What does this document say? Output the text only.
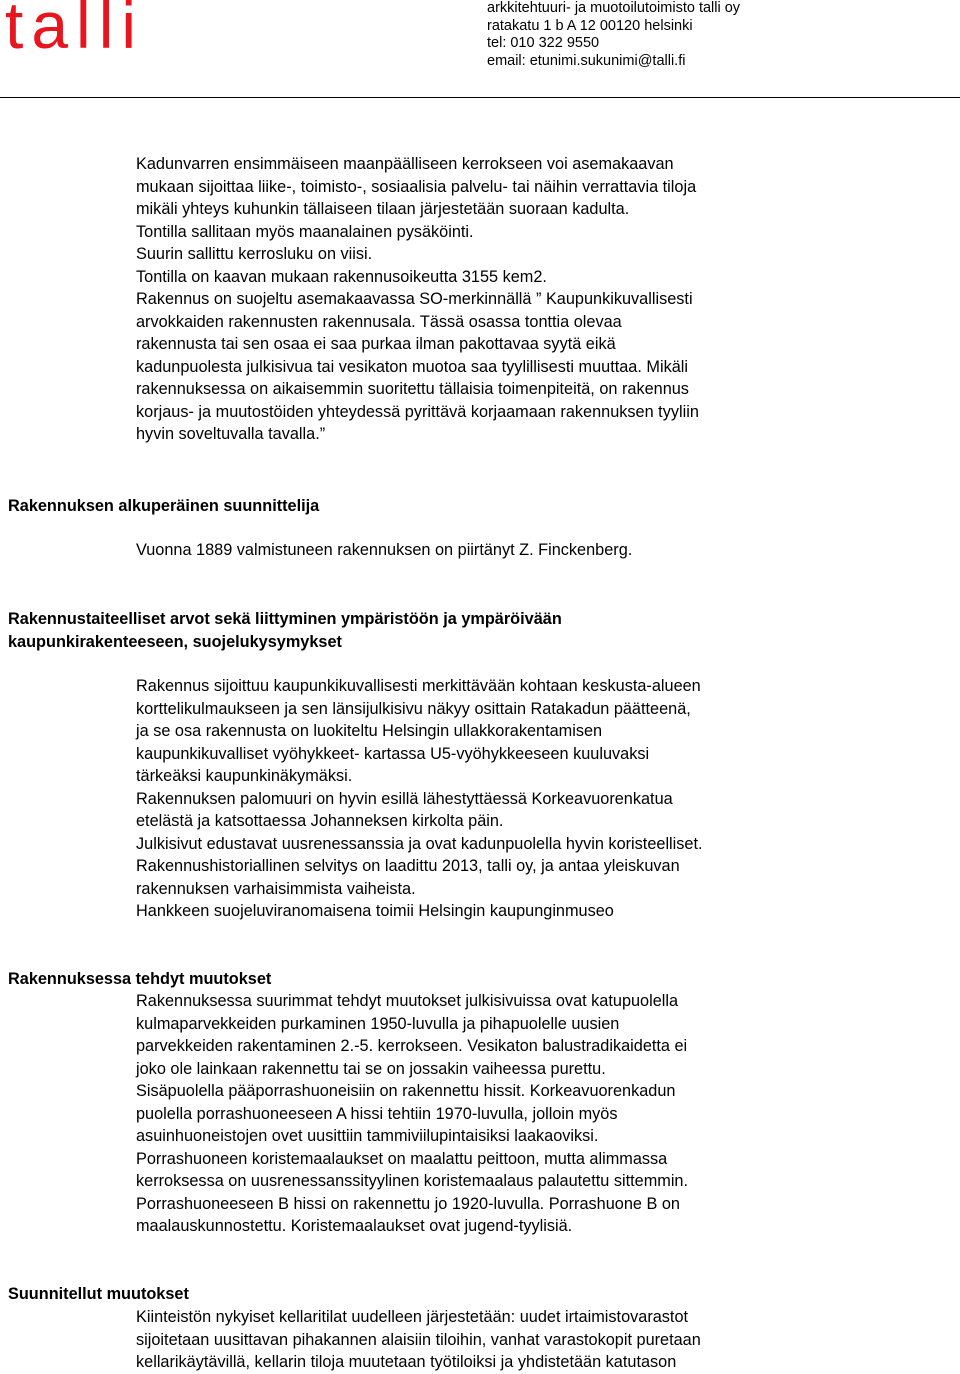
talli	arkkitehtuuri- ja muotoilutoimisto talli oy
ratakatu 1 b A 12 00120 helsinki
tel: 010 322 9550
email: etunimi.sukunimi@talli.fi

Kadunvarren ensimmäiseen maanpäälliseen kerrokseen voi asemakaavan

mukaan sijoittaa liike-, toimisto-, sosiaalisia palvelu- tai näihin verrattavia tiloja

mikäli yhteys kuhunkin tällaiseen tilaan järjestetään suoraan kadulta.

Tontilla sallitaan myös maanalainen pysäköinti.

Suurin sallittu kerrosluku on viisi.

Tontilla on kaavan mukaan rakennusoikeutta 3155 kem2.

Rakennus on suojeltu asemakaavassa SO-merkinnällä ” Kaupunkikuvallisesti

arvokkaiden rakennusten rakennusala. Tässä osassa tonttia olevaa

rakennusta tai sen osaa ei saa purkaa ilman pakottavaa syytä eikä

kadunpuolesta julkisivua tai vesikaton muotoa saa tyylillisesti muuttaa. Mikäli

rakennuksessa on aikaisemmin suoritettu tällaisia toimenpiteitä, on rakennus

korjaus- ja muutostöiden yhteydessä pyrittävä korjaamaan rakennuksen tyyliin

hyvin soveltuvalla tavalla.”

Rakennuksen alkuperäinen suunnittelija

Vuonna 1889 valmistuneen rakennuksen on piirtänyt Z. Finckenberg.

Rakennustaiteelliset arvot sekä liittyminen ympäristöön ja ympäröivään
kaupunkirakenteeseen, suojelukysymykset

Rakennus sijoittuu kaupunkikuvallisesti merkittävään kohtaan keskusta-alueen

korttelikulmaukseen ja sen länsijulkisivu näkyy osittain Ratakadun päätteenä,

ja se osa rakennusta on luokiteltu Helsingin ullakkorakentamisen

kaupunkikuvalliset vyöhykkeet- kartassa U5-vyöhykkeeseen kuuluvaksi

tärkeäksi kaupunkinäkymäksi.

Rakennuksen palomuuri on hyvin esillä lähestyttäessä Korkeavuorenkatua

etelästä ja katsottaessa Johanneksen kirkolta päin.

Julkisivut edustavat uusrenessanssia ja ovat kadunpuolella hyvin koristeelliset.

Rakennushistoriallinen selvitys on laadittu 2013, talli oy, ja antaa yleiskuvan

rakennuksen varhaisimmista vaiheista.

Hankkeen suojeluviranomaisena toimii Helsingin kaupunginmuseo

Rakennuksessa tehdyt muutokset

Rakennuksessa suurimmat tehdyt muutokset julkisivuissa ovat katupuolella

kulmaparvekkeiden purkaminen 1950-luvulla ja pihapuolelle uusien

parvekkeiden rakentaminen 2.-5. kerrokseen. Vesikaton balustradikaidetta ei

joko ole lainkaan rakennettu tai se on jossakin vaiheessa purettu.

Sisäpuolella pääporrashuoneisiin on rakennettu hissit. Korkeavuorenkadun

puolella porrashuoneeseen A hissi tehtiin 1970-luvulla, jolloin myös

asuinhuoneistojen ovet uusittiin tammiviilupintaisiksi laakaoviksi.

Porrashuoneen koristemaalaukset on maalattu peittoon, mutta alimmassa

kerroksessa on uusrenessanssityylinen koristemaalaus palautettu sittemmin.

Porrashuoneeseen B hissi on rakennettu jo 1920-luvulla. Porrashuone B on

maalauskunnostettu. Koristemaalaukset ovat jugend-tyylisiä.

Suunnitellut muutokset

Kiinteistön nykyiset kellaritilat uudelleen järjestetään: uudet irtaimistovarastot

sijoitetaan uusittavan pihakannen alaisiin tiloihin, vanhat varastokopit puretaan

kellarikäytävillä, kellarin tiloja muutetaan työtiloiksi ja yhdistetään katutason
